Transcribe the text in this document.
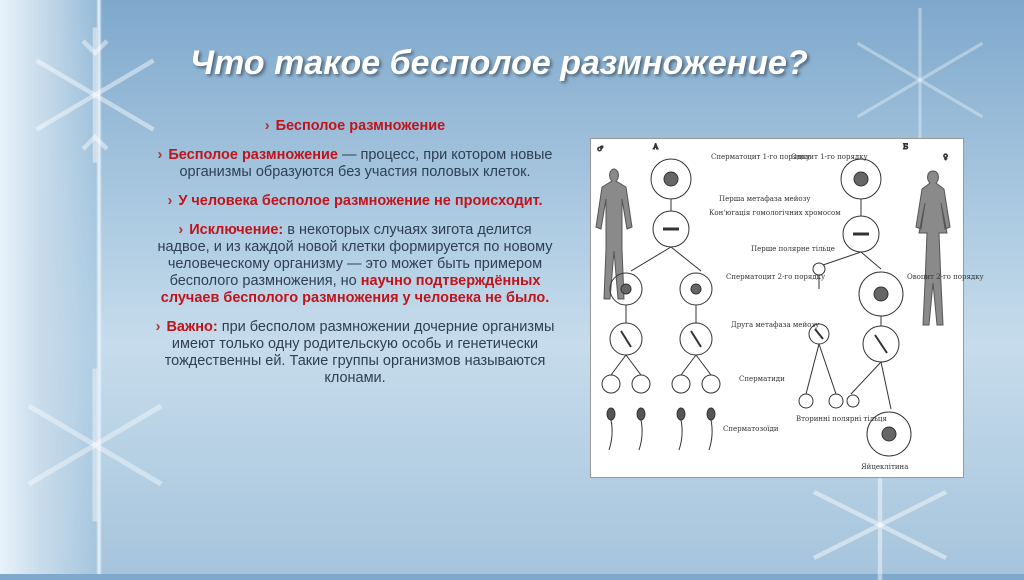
Что такое бесполое размножение?
› Бесполое размножение
› Бесполое размножение — процесс, при котором новые организмы образуются без участия половых клеток.
› У человека бесполое размножение не происходит.
› Исключение: в некоторых случаях зигота делится надвое, и из каждой новой клетки формируется по новому человеческому организму — это может быть примером бесполого размножения, но научно подтверждённых случаев бесполого размножения у человека не было.
› Важно: при бесполом размножении дочерние организмы имеют только одну родительскую особь и генетически тождественны ей. Такие группы организмов называются клонами.
♂	А
♀
Б
Сперматоцит 1-го порядку
Овоцит 1-го порядку
Перша метафаза мейозу
Кон'югація гомологічних хромосом
Перше полярне тільце
Сперматоцит 2-го порядку	Овоцит 2-го порядку
Друга метафаза мейозу
Сперматиди
Вторинні полярні тільця
Сперматозоїди
Яйцеклітина
